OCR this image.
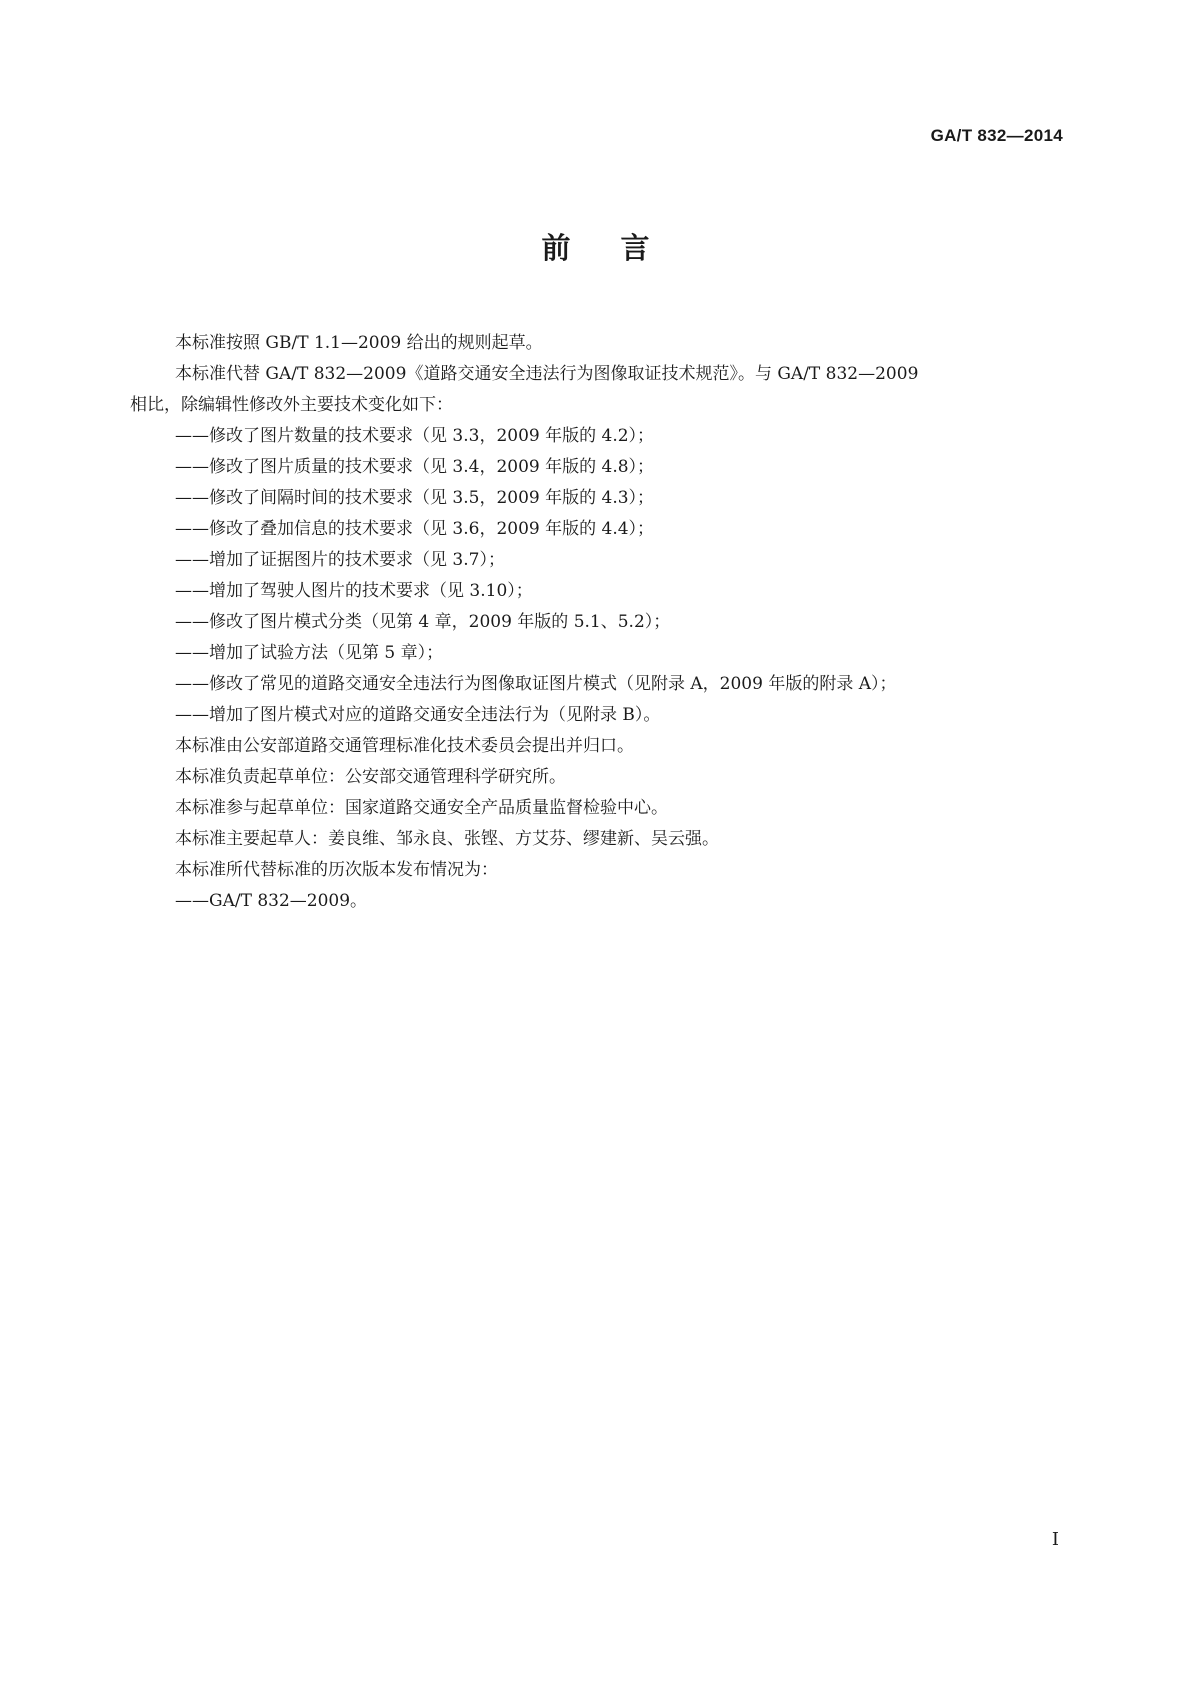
GA/T 832—2014
前言

本标准按照 GB/T 1.1—2009 给出的规则起草。

本标准代替 GA/T 832—2009《道路交通安全违法行为图像取证技术规范》。与 GA/T 832—2009

相比，除编辑性修改外主要技术变化如下：

——修改了图片数量的技术要求（见 3.3，2009 年版的 4.2）；

——修改了图片质量的技术要求（见 3.4，2009 年版的 4.8）；

——修改了间隔时间的技术要求（见 3.5，2009 年版的 4.3）；

——修改了叠加信息的技术要求（见 3.6，2009 年版的 4.4）；

——增加了证据图片的技术要求（见 3.7）；

——增加了驾驶人图片的技术要求（见 3.10）；

——修改了图片模式分类（见第 4 章，2009 年版的 5.1、5.2）；

——增加了试验方法（见第 5 章）；

——修改了常见的道路交通安全违法行为图像取证图片模式（见附录 A，2009 年版的附录 A）；

——增加了图片模式对应的道路交通安全违法行为（见附录 B）。

本标准由公安部道路交通管理标准化技术委员会提出并归口。

本标准负责起草单位：公安部交通管理科学研究所。

本标准参与起草单位：国家道路交通安全产品质量监督检验中心。

本标准主要起草人：姜良维、邹永良、张铿、方艾芬、缪建新、吴云强。

本标准所代替标准的历次版本发布情况为：

——GA/T 832—2009。

I
